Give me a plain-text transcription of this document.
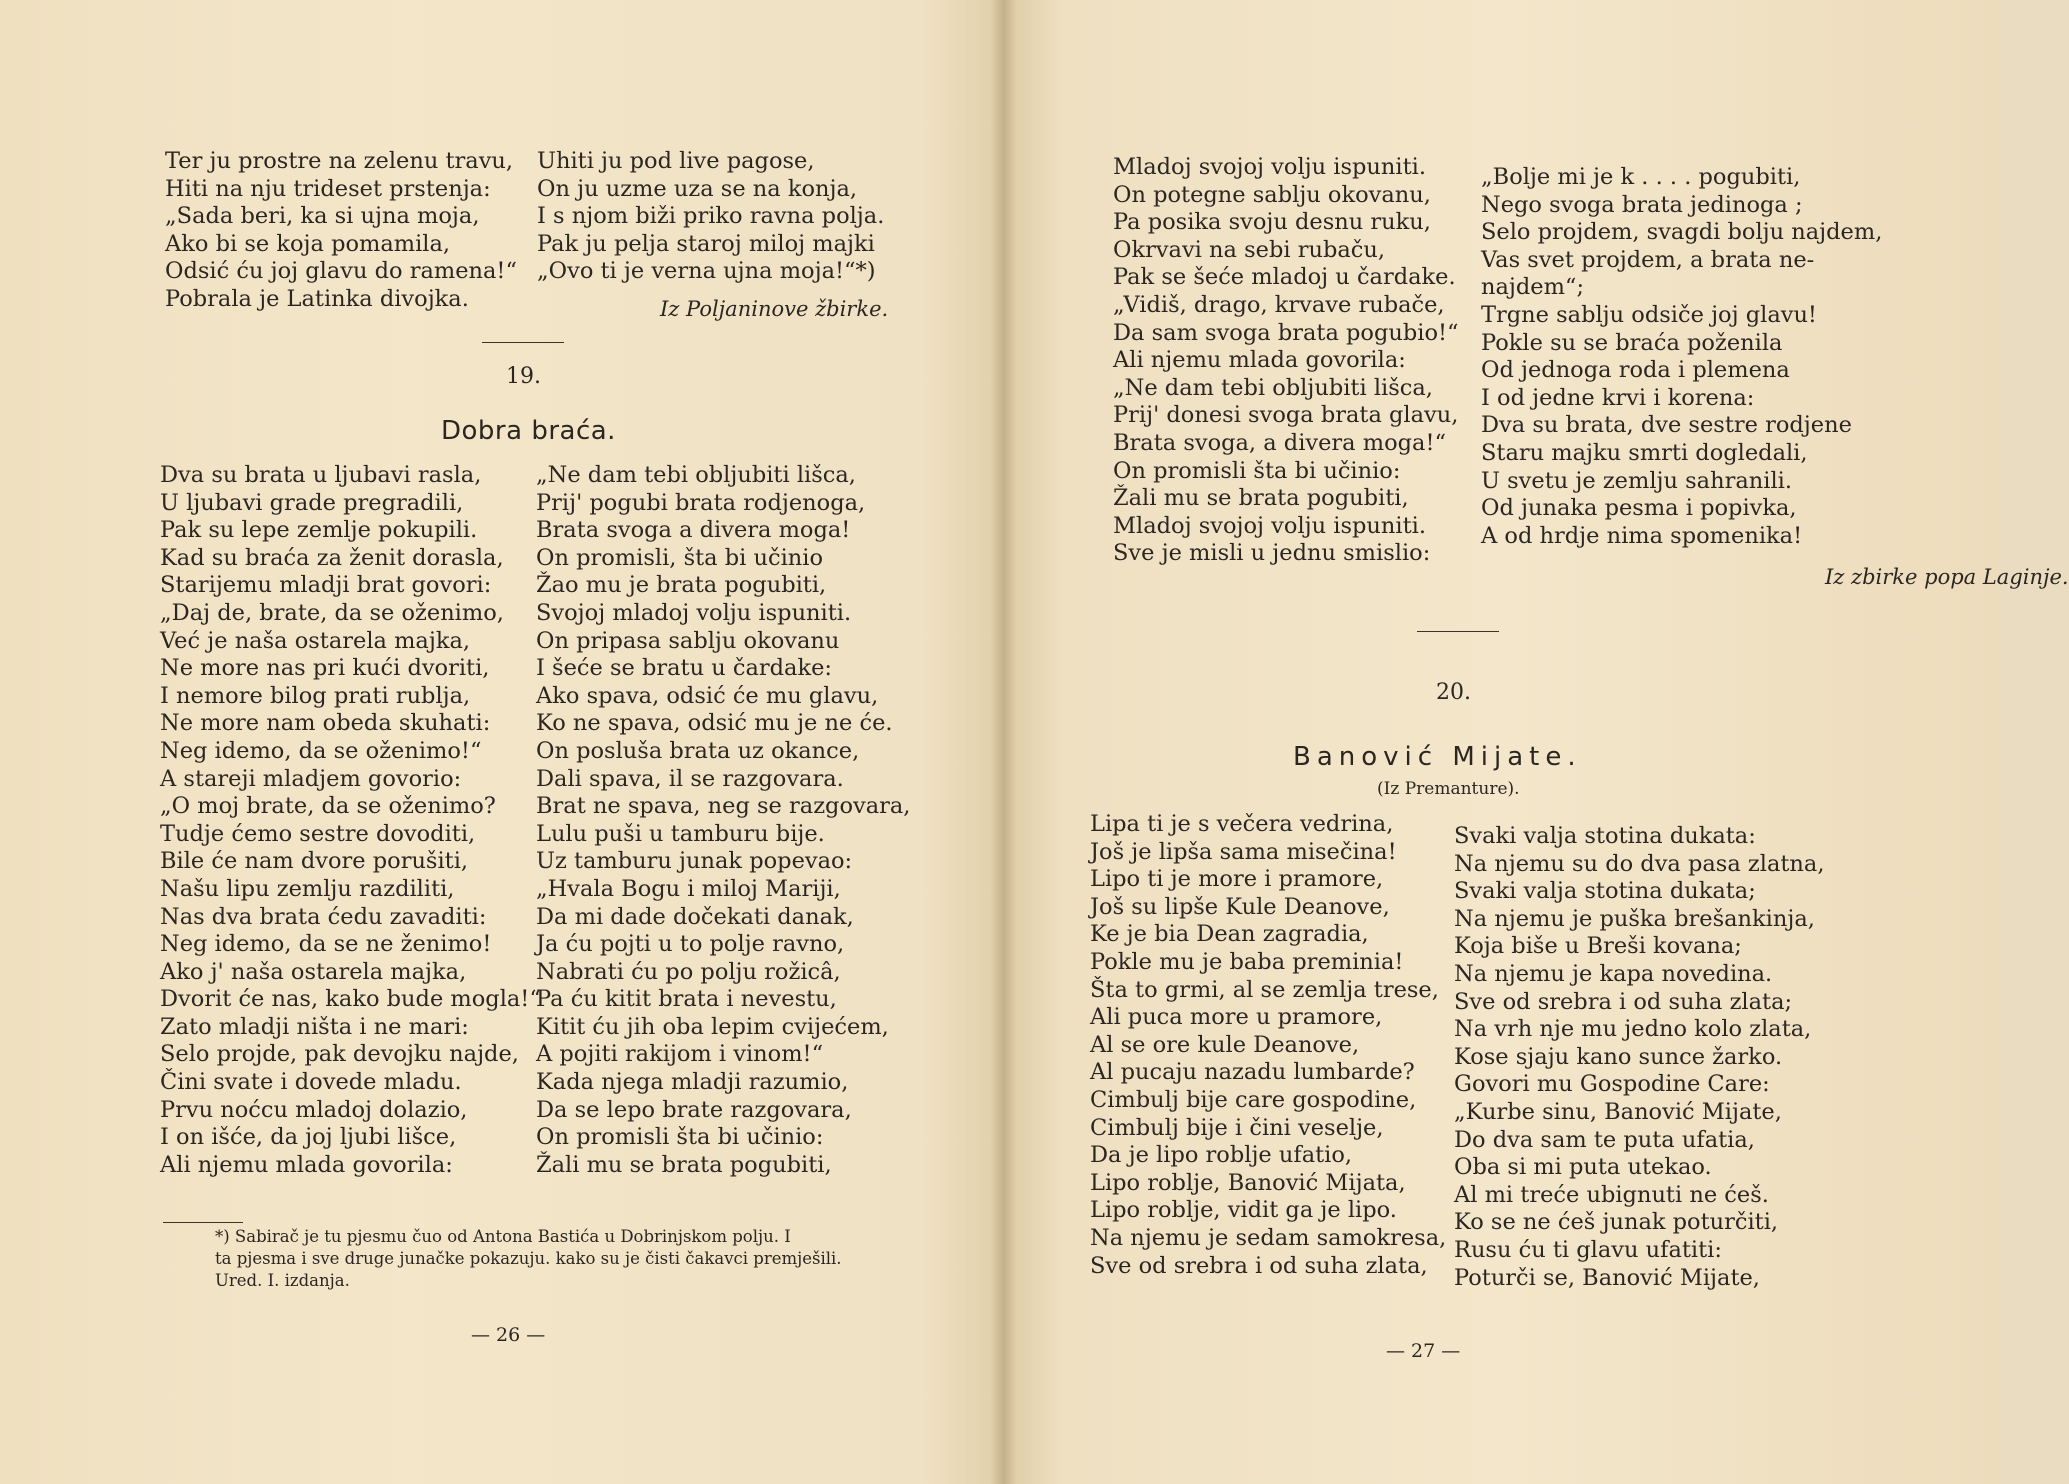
Ter ju prostre na zelenu travu,
Hiti na nju trideset prstenja:
„Sada beri, ka si ujna moja,
Ako bi se koja pomamila,
Odsić ću joj glavu do ramena!“
Pobrala je Latinka divojka.
Uhiti ju pod live pagose,
On ju uzme uza se na konja,
I s njom biži priko ravna polja.
Pak ju pelja staroj miloj majki
„Ovo ti je verna ujna moja!“*)
Iz Poljaninove žbirke.
19.
Dobra braća.
Dva su brata u ljubavi rasla,
U ljubavi grade pregradili,
Pak su lepe zemlje pokupili.
Kad su braća za ženit dorasla,
Starijemu mladji brat govori:
„Daj de, brate, da se oženimo,
Već je naša ostarela majka,
Ne more nas pri kući dvoriti,
I nemore bilog prati rublja,
Ne more nam obeda skuhati:
Neg idemo, da se oženimo!“
A stareji mladjem govorio:
„O moj brate, da se oženimo?
Tudje ćemo sestre dovoditi,
Bile će nam dvore porušiti,
Našu lipu zemlju razdiliti,
Nas dva brata ćedu zavaditi:
Neg idemo, da se ne ženimo!
Ako j' naša ostarela majka,
Dvorit će nas, kako bude mogla!“
Zato mladji ništa i ne mari:
Selo projde, pak devojku najde,
Čini svate i dovede mladu.
Prvu noćcu mladoj dolazio,
I on išće, da joj ljubi lišce,
Ali njemu mlada govorila:
„Ne dam tebi obljubiti lišca,
Prij' pogubi brata rodjenoga,
Brata svoga a divera moga!
On promisli, šta bi učinio
Žao mu je brata pogubiti,
Svojoj mladoj volju ispuniti.
On pripasa sablju okovanu
I šeće se bratu u čardake:
Ako spava, odsić će mu glavu,
Ko ne spava, odsić mu je ne će.
On posluša brata uz okance,
Dali spava, il se razgovara.
Brat ne spava, neg se razgovara,
Lulu puši u tamburu bije.
Uz tamburu junak popevao:
„Hvala Bogu i miloj Mariji,
Da mi dade dočekati danak,
Ja ću pojti u to polje ravno,
Nabrati ću po polju rožicâ,
Pa ću kitit brata i nevestu,
Kitit ću jih oba lepim cvijećem,
A pojiti rakijom i vinom!“
Kada njega mladji razumio,
Da se lepo brate razgovara,
On promisli šta bi učinio:
Žali mu se brata pogubiti,
*) Sabirač je tu pjesmu čuo od Antona Bastića u Dobrinjskom polju. I
ta pjesma i sve druge junačke pokazuju. kako su je čisti čakavci premješili.
Ured. I. izdanja.
— 26 —
Mladoj svojoj volju ispuniti.
On potegne sablju okovanu,
Pa posika svoju desnu ruku,
Okrvavi na sebi rubaču,
Pak se šeće mladoj u čardake.
„Vidiš, drago, krvave rubače,
Da sam svoga brata pogubio!“
Ali njemu mlada govorila:
„Ne dam tebi obljubiti lišca,
Prij' donesi svoga brata glavu,
Brata svoga, a divera moga!“
On promisli šta bi učinio:
Žali mu se brata pogubiti,
Mladoj svojoj volju ispuniti.
Sve je misli u jednu smislio:
„Bolje mi je k . . . . pogubiti,
Nego svoga brata jedinoga ;
Selo projdem, svagdi bolju najdem,
Vas svet projdem, a brata ne-
najdem“;
Trgne sablju odsiče joj glavu!
Pokle su se braća poženila
Od jednoga roda i plemena
I od jedne krvi i korena:
Dva su brata, dve sestre rodjene
Staru majku smrti dogledali,
U svetu je zemlju sahranili.
Od junaka pesma i popivka,
A od hrdje nima spomenika!
Iz zbirke popa Laginje.
20.
Banović Mijate.
(Iz Premanture).
Lipa ti je s večera vedrina,
Još je lipša sama misečina!
Lipo ti je more i pramore,
Još su lipše Kule Deanove,
Ke je bia Dean zagradia,
Pokle mu je baba preminia!
Šta to grmi, al se zemlja trese,
Ali puca more u pramore,
Al se ore kule Deanove,
Al pucaju nazadu lumbarde?
Cimbulj bije care gospodine,
Cimbulj bije i čini veselje,
Da je lipo roblje ufatio,
Lipo roblje, Banović Mijata,
Lipo roblje, vidit ga je lipo.
Na njemu je sedam samokresa,
Sve od srebra i od suha zlata,
Svaki valja stotina dukata:
Na njemu su do dva pasa zlatna,
Svaki valja stotina dukata;
Na njemu je puška brešankinja,
Koja biše u Breši kovana;
Na njemu je kapa novedina.
Sve od srebra i od suha zlata;
Na vrh nje mu jedno kolo zlata,
Kose sjaju kano sunce žarko.
Govori mu Gospodine Care:
„Kurbe sinu, Banović Mijate,
Do dva sam te puta ufatia,
Oba si mi puta utekao.
Al mi treće ubignuti ne ćeš.
Ko se ne ćeš junak poturčiti,
Rusu ću ti glavu ufatiti:
Poturči se, Banović Mijate,
— 27 —
